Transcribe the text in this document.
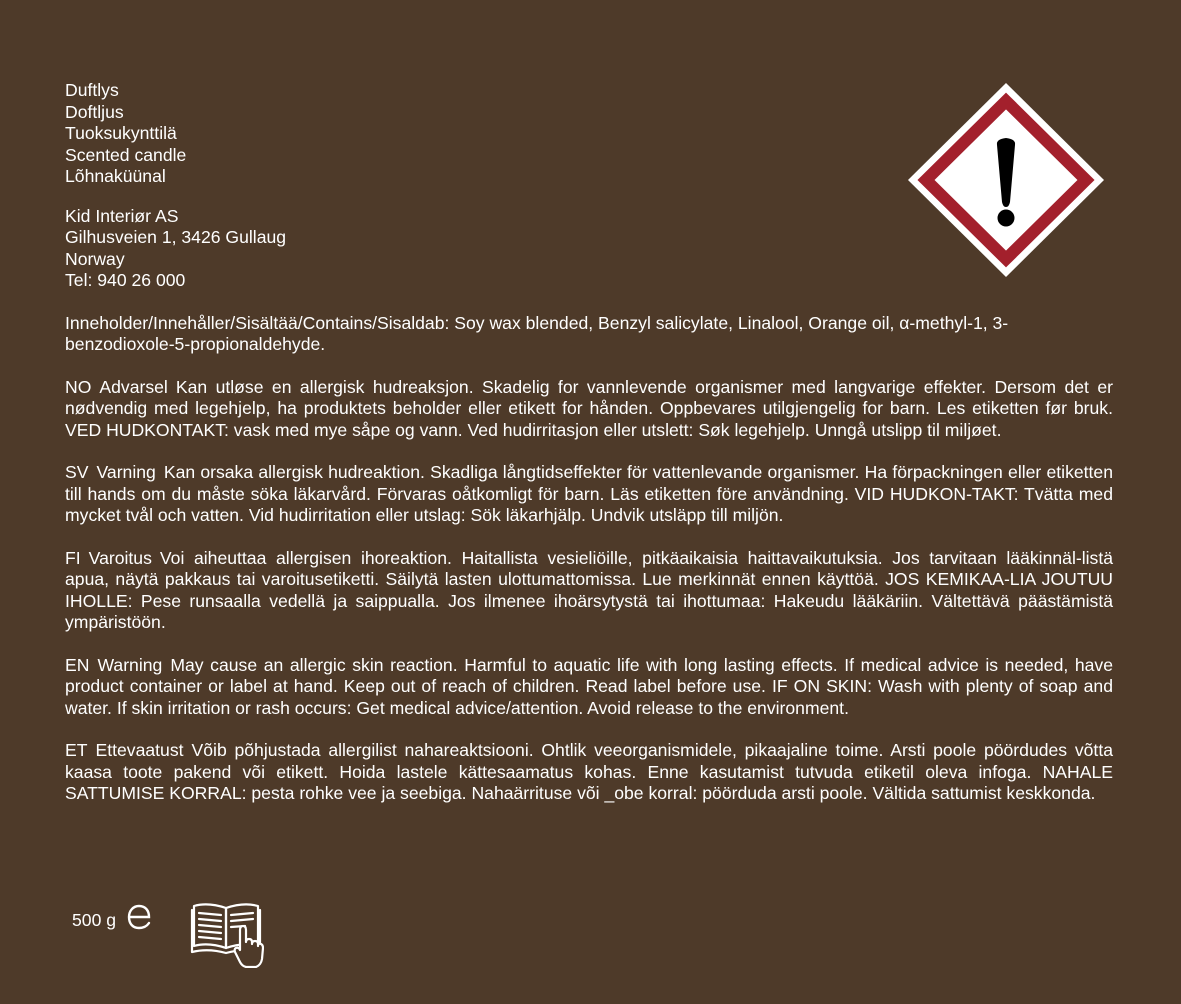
Duftlys
Doftljus
Tuoksukynttilä
Scented candle
Lõhnaküünal
Kid Interiør AS
Gilhusveien 1, 3426 Gullaug
Norway
Tel: 940 26 000

Inneholder/Innehåller/Sisältää/Contains/Sisaldab: Soy wax blended, Benzyl salicylate, Linalool, Orange oil, α-methyl-1, 3-benzodioxole-5-propionaldehyde.

NO Advarsel Kan utløse en allergisk hudreaksjon. Skadelig for vannlevende organismer med langvarige effekter. Dersom det er nødvendig med legehjelp, ha produktets beholder eller etikett for hånden. Oppbevares utilgjengelig for barn. Les etiketten før bruk. VED HUDKONTAKT: vask med mye såpe og vann. Ved hudirritasjon eller utslett: Søk legehjelp. Unngå utslipp til miljøet.

SV Varning Kan orsaka allergisk hudreaktion. Skadliga långtidseffekter för vattenlevande organismer. Ha förpackningen eller etiketten till hands om du måste söka läkarvård. Förvaras oåtkomligt för barn. Läs etiketten före användning. VID HUDKON-TAKT: Tvätta med mycket tvål och vatten. Vid hudirritation eller utslag: Sök läkarhjälp. Undvik utsläpp till miljön.

FI Varoitus Voi aiheuttaa allergisen ihoreaktion. Haitallista vesieliöille, pitkäaikaisia haittavaikutuksia. Jos tarvitaan lääkinnäl-listä apua, näytä pakkaus tai varoitusetiketti. Säilytä lasten ulottumattomissa. Lue merkinnät ennen käyttöä. JOS KEMIKAA-LIA JOUTUU IHOLLE: Pese runsaalla vedellä ja saippualla. Jos ilmenee ihoärsytystä tai ihottumaa: Hakeudu lääkäriin. Vältettävä päästämistä ympäristöön.

EN Warning May cause an allergic skin reaction. Harmful to aquatic life with long lasting effects. If medical advice is needed, have product container or label at hand. Keep out of reach of children. Read label before use. IF ON SKIN: Wash with plenty of soap and water. If skin irritation or rash occurs: Get medical advice/attention. Avoid release to the environment.

ET Ettevaatust Võib põhjustada allergilist nahareaktsiooni. Ohtlik veeorganismidele, pikaajaline toime. Arsti poole pöördudes võtta kaasa toote pakend või etikett. Hoida lastele kättesaamatus kohas. Enne kasutamist tutvuda etiketil oleva infoga. NAHALE SATTUMISE KORRAL: pesta rohke vee ja seebiga. Nahaärrituse või _obe korral: pöörduda arsti poole. Vältida sattumist keskkonda.

500 g
